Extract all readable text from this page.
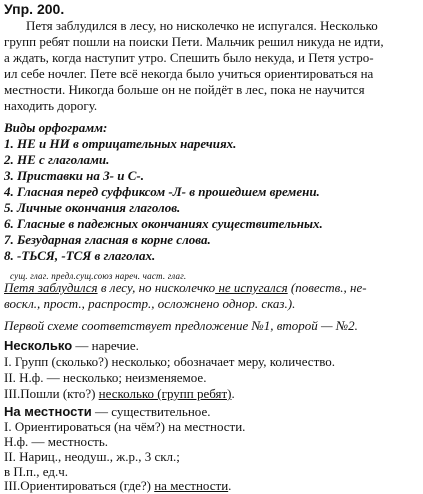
Упр. 200.
Петя заблудился в лесу, но нисколечко не испугался. Несколько
групп ребят пошли на поиски Пети. Мальчик решил никуда не идти,
а ждать, когда наступит утро. Спешить было некуда, и Петя устро-
ил себе ночлег. Пете всё некогда было учиться ориентироваться на
местности. Никогда больше он не пойдёт в лес, пока не научится
находить дорогу.
Виды орфограмм:
1. НЕ и НИ в отрицательных наречиях.
2. НЕ с глаголами.
3. Приставки на З- и С-.
4. Гласная перед суффиксом -Л- в прошедшем времени.
5. Личные окончания глаголов.
6. Гласные в падежных окончаниях существительных.
7. Безударная гласная в корне слова.
8. -ТЬСЯ, -ТСЯ в глаголах.
сущ. глаг. предл.сущ.союз нареч. част. глаг.
Петя заблудился в лесу, но нисколечко не испугался (повеств., не-
воскл., прост., распростр., осложнено однор. сказ.).
Первой схеме соответствует предложение №1, второй — №2.
Несколько — наречие.
I. Групп (сколько?) несколько; обозначает меру, количество.
II. Н.ф. — несколько; неизменяемое.
III.Пошли (кто?) несколько (групп ребят).
На местности — существительное.
I. Ориентироваться (на чём?) на местности.
Н.ф. — местность.
II. Нариц., неодуш., ж.р., 3 скл.;
в П.п., ед.ч.
III.Ориентироваться (где?) на местности.
